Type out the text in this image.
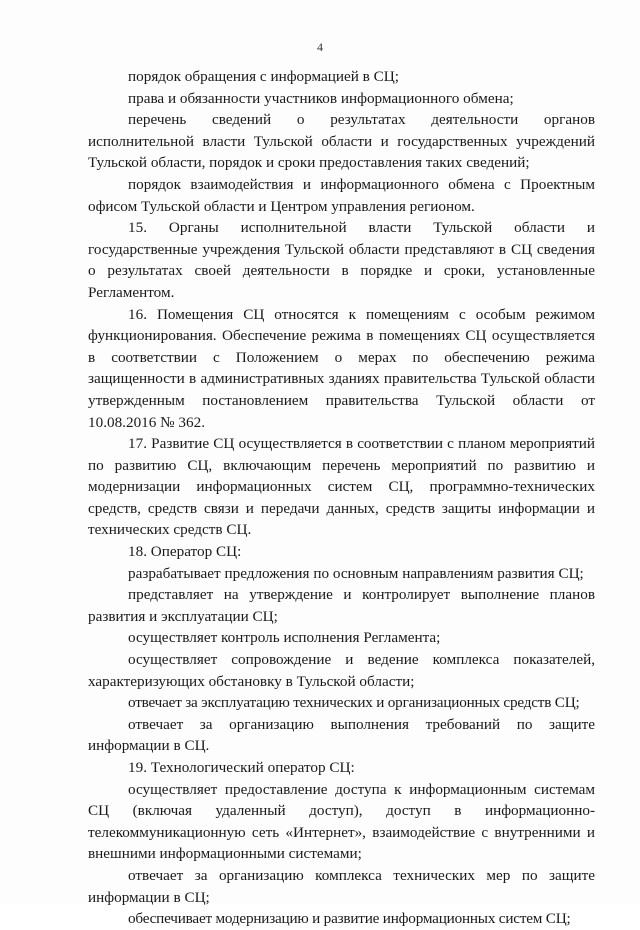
4

порядок обращения с информацией в СЦ;

права и обязанности участников информационного обмена;

перечень сведений о результатах деятельности органов исполнительной власти Тульской области и государственных учреждений Тульской области, порядок и сроки предоставления таких сведений;

порядок взаимодействия и информационного обмена с Проектным офисом Тульской области и Центром управления регионом.

15. Органы исполнительной власти Тульской области и государственные учреждения Тульской области представляют в СЦ сведения о результатах своей деятельности в порядке и сроки, установленные Регламентом.

16. Помещения СЦ относятся к помещениям с особым режимом функционирования. Обеспечение режима в помещениях СЦ осуществляется в соответствии с Положением о мерах по обеспечению режима защищенности в административных зданиях правительства Тульской области утвержденным постановлением правительства Тульской области от 10.08.2016 № 362.

17. Развитие СЦ осуществляется в соответствии с планом мероприятий по развитию СЦ, включающим перечень мероприятий по развитию и модернизации информационных систем СЦ, программно-технических средств, средств связи и передачи данных, средств защиты информации и технических средств СЦ.

18. Оператор СЦ:

разрабатывает предложения по основным направлениям развития СЦ;

представляет на утверждение и контролирует выполнение планов развития и эксплуатации СЦ;

осуществляет контроль исполнения Регламента;

осуществляет сопровождение и ведение комплекса показателей, характеризующих обстановку в Тульской области;

отвечает за эксплуатацию технических и организационных средств СЦ;

отвечает за организацию выполнения требований по защите информации в СЦ.

19. Технологический оператор СЦ:

осуществляет предоставление доступа к информационным системам СЦ (включая удаленный доступ), доступ в информационно-телекоммуникационную сеть «Интернет», взаимодействие с внутренними и внешними информационными системами;

отвечает за организацию комплекса технических мер по защите информации в СЦ;

обеспечивает модернизацию и развитие информационных систем СЦ;
